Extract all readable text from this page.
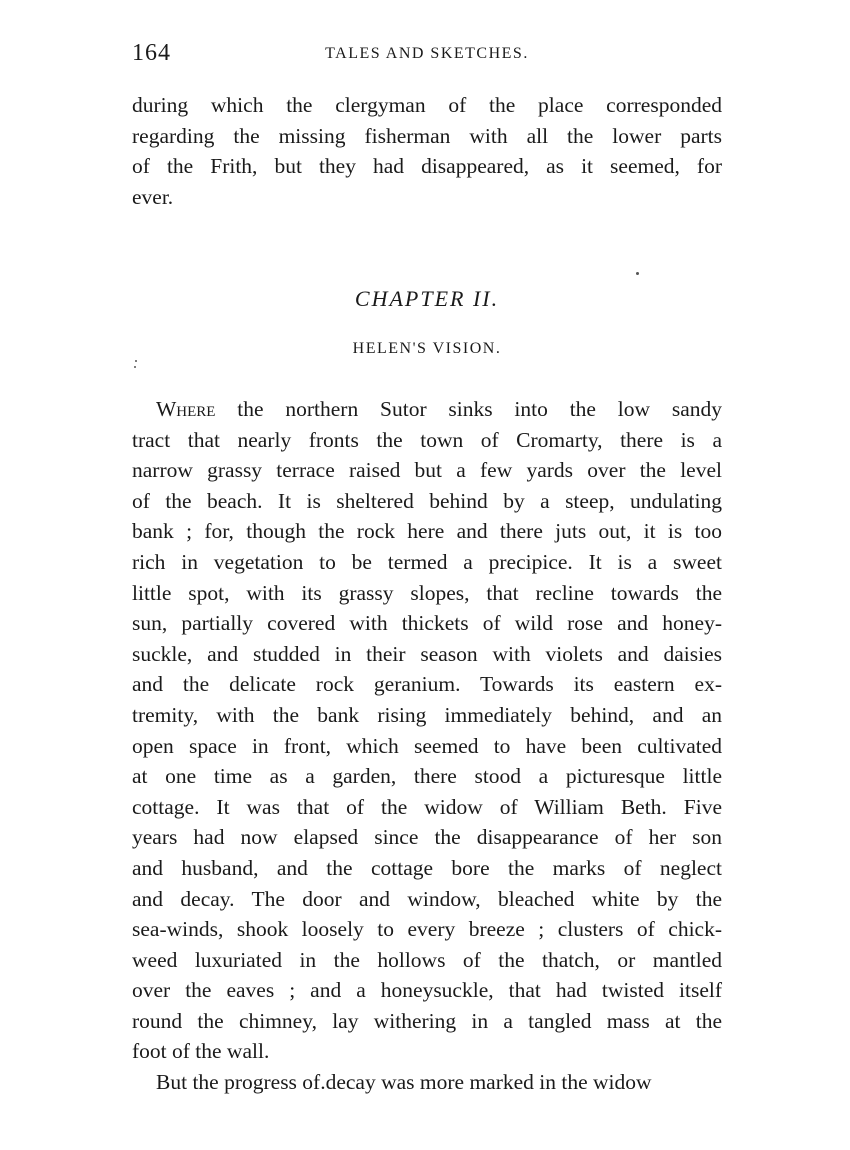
164	TALES AND SKETCHES.

during which the clergyman of the place corresponded
regarding the missing fisherman with all the lower parts
of the Frith, but they had disappeared, as it seemed, for
ever.

CHAPTER II.
HELEN'S VISION.

Where the northern Sutor sinks into the low sandy
tract that nearly fronts the town of Cromarty, there is a
narrow grassy terrace raised but a few yards over the level
of the beach. It is sheltered behind by a steep, undulating
bank ; for, though the rock here and there juts out, it is too
rich in vegetation to be termed a precipice. It is a sweet
little spot, with its grassy slopes, that recline towards the
sun, partially covered with thickets of wild rose and honey-
suckle, and studded in their season with violets and daisies
and the delicate rock geranium. Towards its eastern ex-
tremity, with the bank rising immediately behind, and an
open space in front, which seemed to have been cultivated
at one time as a garden, there stood a picturesque little
cottage. It was that of the widow of William Beth. Five
years had now elapsed since the disappearance of her son
and husband, and the cottage bore the marks of neglect
and decay. The door and window, bleached white by the
sea-winds, shook loosely to every breeze ; clusters of chick-
weed luxuriated in the hollows of the thatch, or mantled
over the eaves ; and a honeysuckle, that had twisted itself
round the chimney, lay withering in a tangled mass at the
foot of the wall.
But the progress of.decay was more marked in the widow
